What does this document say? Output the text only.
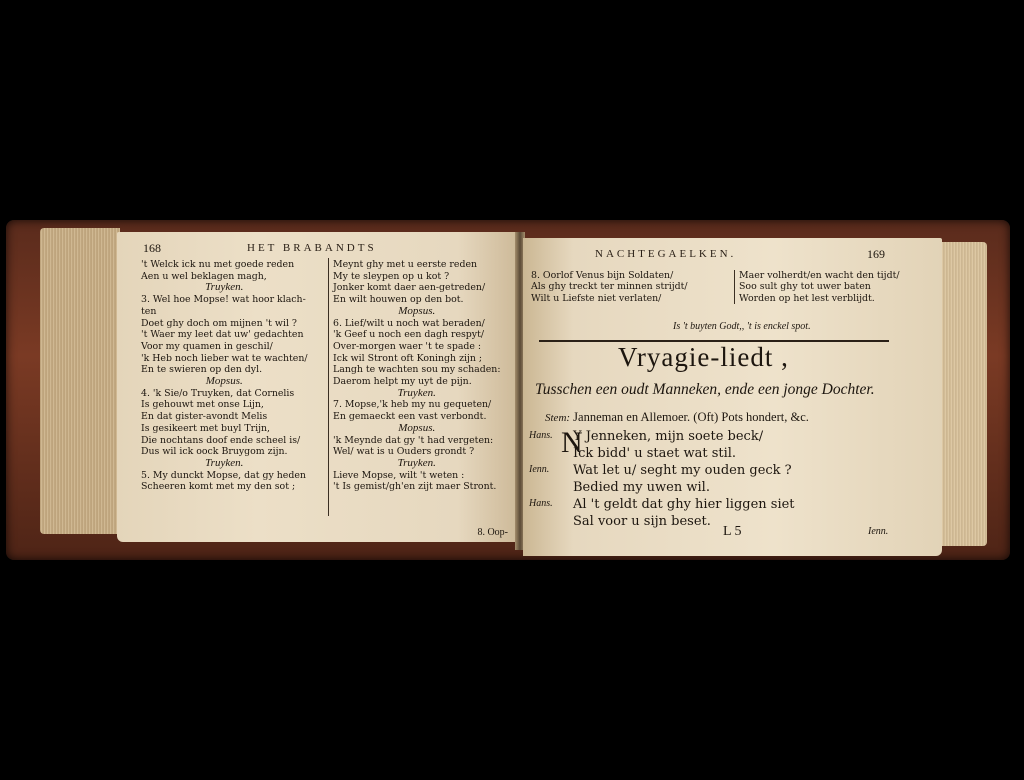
168	HET BRABANDTS
't Welck ick nu met goede reden
Aen u wel beklagen magh,
Truyken.
3. Wel hoe Mopse! wat hoor klach-
ten
Doet ghy doch om mijnen 't wil ?
't Waer my leet dat uw' gedachten
Voor my quamen in geschil/
'k Heb noch lieber wat te wachten/
En te swieren op den dyl.
Mopsus.
4. 'k Sie/o Truyken, dat Cornelis
Is gehouwt met onse Lijn,
En dat gister-avondt Melis
Is gesikeert met buyl Trijn,
Die nochtans doof ende scheel is/
Dus wil ick oock Bruygom zijn.
Truyken.
5. My dunckt Mopse, dat gy heden
Scheeren komt met my den sot ;
Meynt ghy met u eerste reden
My te sleypen op u kot ?
Jonker komt daer aen-getreden/
En wilt houwen op den bot.
Mopsus.
6. Lief/wilt u noch wat beraden/
'k Geef u noch een dagh respyt/
Over-morgen waer 't te spade :
Ick wil Stront oft Koningh zijn ;
Langh te wachten sou my schaden:
Daerom helpt my uyt de pijn.
Truyken.
7. Mopse,'k heb my nu gequeten/
En gemaeckt een vast verbondt.
Mopsus.
'k Meynde dat gy 't had vergeten:
Wel/ wat is u Ouders grondt ?
Truyken.
Lieve Mopse, wilt 't weten :
't Is gemist/gh'en zijt maer Stront.
8. Oop-
NACHTEGAELKEN.	169
8. Oorlof Venus bijn Soldaten/
Als ghy treckt ter minnen strijdt/
Wilt u Liefste niet verlaten/
Maer volherdt/en wacht den tijdt/
Soo sult ghy tot uwer baten
Worden op het lest verblijdt.
Is 't buyten Godt,, 't is enckel spot.
Vryagie-liedt ,
Tusschen een oudt Manneken, ende een jonge Dochter.
Stem: Janneman en Allemoer. (Oft) Pots hondert, &c.
N
Hans.	Y Jenneken, mijn soete beck/
Ick bidd' u staet wat stil.
Ienn.	Wat let u/ seght my ouden geck ?
Bedied my uwen wil.
Hans.	Al 't geldt dat ghy hier liggen siet
Sal voor u sijn beset.
L 5	Ienn.
